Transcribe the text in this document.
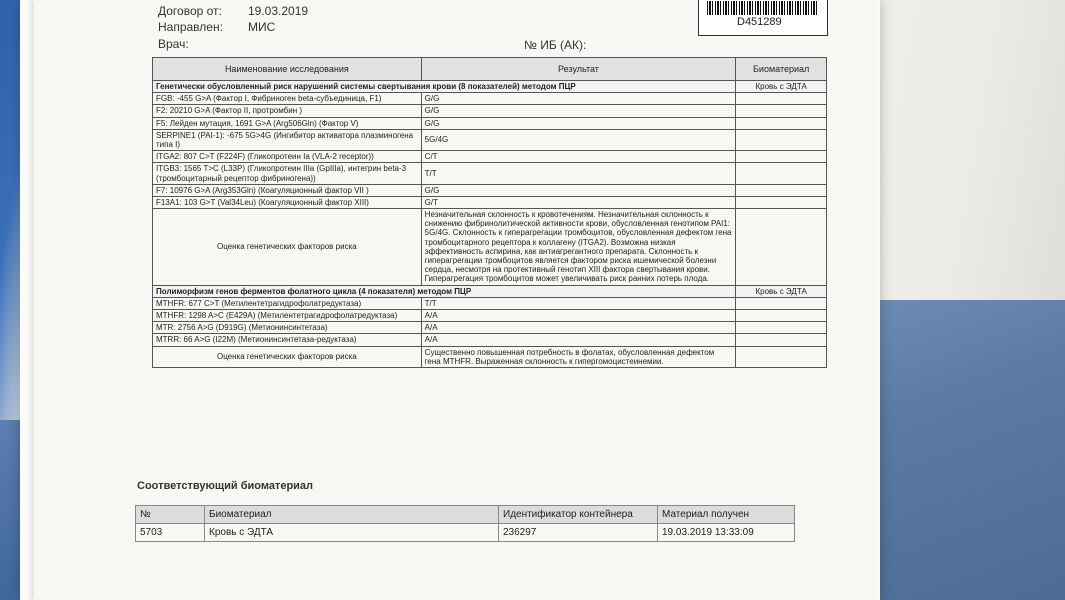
Договор от: 19.03.2019
Направлен: МИС
Врач:	№ ИБ (АК):
D451289
Наименование исследования	Результат	Биоматериал
Генетически обусловленный риск нарушений системы свертывания крови (8 показателей) методом ПЦР		Кровь с ЭДТА
FGB: -455 G>A (Фактор I, Фибриноген beta-субъединица, F1)	G/G	
F2: 20210 G>A (Фактор II, протромбин )	G/G	
F5: Лейден мутация, 1691 G>A (Arg506Gln) (Фактор V)	G/G	
SERPINE1 (PAI-1): -675 5G>4G (Ингибитор активатора плазминогена типа I)	5G/4G	
ITGA2: 807 C>T (F224F) (Гликопротеин Ia (VLA-2 receptor))	C/T	
ITGB3: 1565 T>C (L33P) (Гликопротеин IIIa (GpIIIa), интегрин beta-3 (тромбоцитарный рецептор фибриногена))	T/T	
F7: 10976 G>A (Arg353Gln) (Коагуляционный фактор VII )	G/G	
F13A1: 103 G>T (Val34Leu) (Коагуляционный фактор XIII)	G/T	
Оценка генетических факторов риска	Незначительная склонность к кровотечениям. Незначительная склонность к снижению фибринолитической активности крови, обусловленная генотипом PAI1: 5G/4G. Склонность к гиперагрегации тромбоцитов, обусловленная дефектом гена тромбоцитарного рецептора к коллагену (ITGA2). Возможна низкая эффективность аспирина, как антиагрегантного препарата. Склонность к гиперагрегации тромбоцитов является фактором риска ишемической болезни сердца, несмотря на протективный генотип XIII фактора свертывания крови. Гиперагрегация тромбоцитов может увеличивать риск ранних потерь плода.	
Полиморфизм генов ферментов фолатного цикла (4 показателя) методом ПЦР		Кровь с ЭДТА
MTHFR: 677 C>T (Метилентетрагидрофолатредуктаза)	T/T	
MTHFR: 1298 A>C (E429A) (Метилентетрагидрофолатредуктаза)	A/A	
MTR: 2756 A>G (D919G) (Метионинсинтетаза)	A/A	
MTRR: 66 A>G (I22M) (Метионинсинтетаза-редуктаза)	A/A	
Оценка генетических факторов риска	Существенно повышенная потребность в фолатах, обусловленная дефектом гена MTHFR. Выраженная склонность к гипергомоцистеинемии.	
Соответствующий биоматериал
№	Биоматериал	Идентификатор контейнера	Материал получен
5703	Кровь с ЭДТА	236297	19.03.2019 13:33:09
